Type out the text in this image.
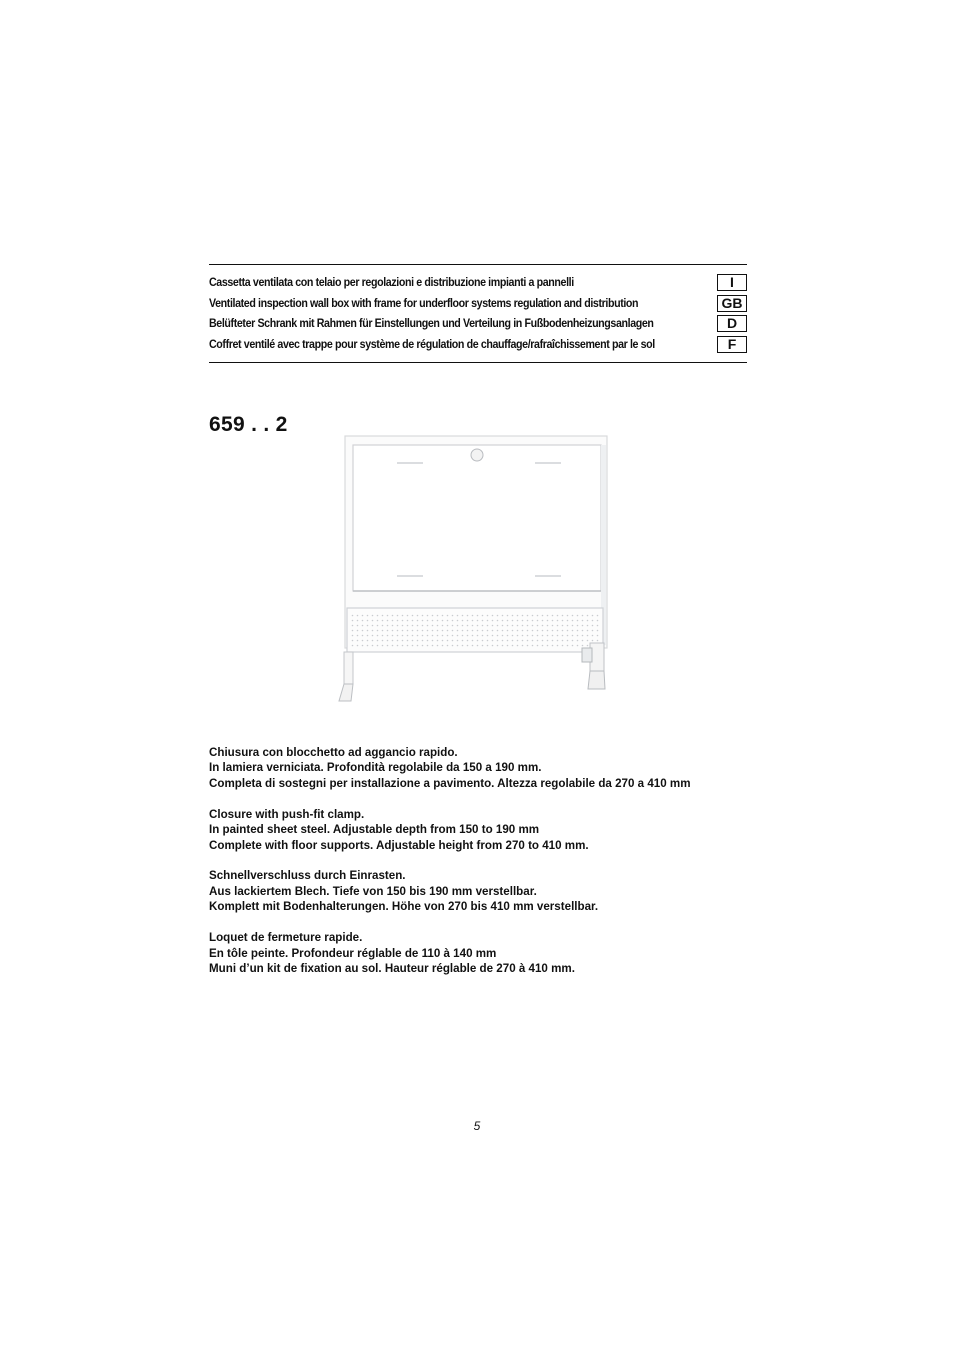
Cassetta ventilata con telaio per regolazioni e distribuzione impianti a pannelli	I
Ventilated inspection wall box with frame for underfloor systems regulation and distribution	GB
Belüfteter Schrank mit Rahmen für Einstellungen und Verteilung in Fußbodenheizungsanlagen	D
Coffret ventilé avec trappe pour système de régulation de chauffage/rafraîchissement par le sol	F
659 . . 2
Chiusura con blocchetto ad aggancio rapido.
In lamiera verniciata. Profondità regolabile da 150 a 190 mm.
Completa di sostegni per installazione a pavimento. Altezza regolabile da 270 a 410 mm
Closure with push-fit clamp.
In painted sheet steel. Adjustable depth from 150 to 190 mm
Complete with floor supports. Adjustable height from 270 to 410 mm.
Schnellverschluss durch Einrasten.
Aus lackiertem Blech. Tiefe von 150 bis 190 mm verstellbar.
Komplett mit Bodenhalterungen. Höhe von 270 bis 410 mm verstellbar.
Loquet de fermeture rapide.
En tôle peinte. Profondeur réglable de 110 à 140 mm
Muni d’un kit de fixation au sol. Hauteur réglable de 270 à 410 mm.
5
